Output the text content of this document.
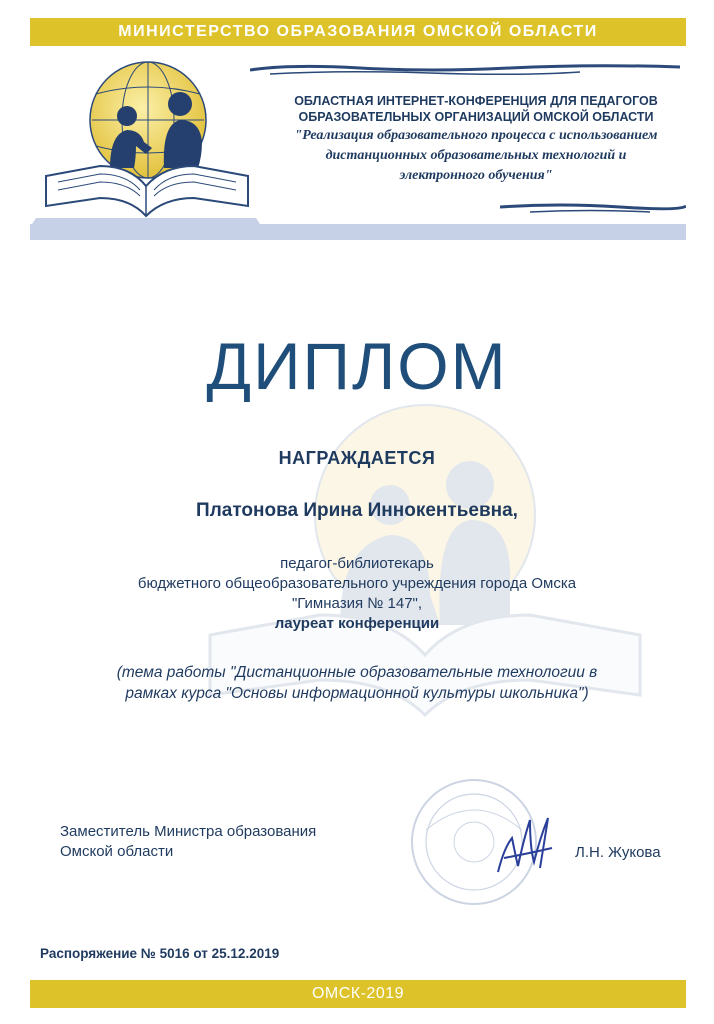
МИНИСТЕРСТВО ОБРАЗОВАНИЯ ОМСКОЙ ОБЛАСТИ
ОБЛАСТНАЯ ИНТЕРНЕТ-КОНФЕРЕНЦИЯ ДЛЯ ПЕДАГОГОВ
ОБРАЗОВАТЕЛЬНЫХ ОРГАНИЗАЦИЙ ОМСКОЙ ОБЛАСТИ
"Реализация образовательного процесса с использованием
дистанционных образовательных технологий и
электронного обучения"
ДИПЛОМ
НАГРАЖДАЕТСЯ
Платонова Ирина Иннокентьевна,
педагог-библиотекарь
бюджетного общеобразовательного учреждения города Омска
"Гимназия № 147",
лауреат конференции
(тема работы "Дистанционные образовательные технологии в
рамках курса "Основы информационной культуры школьника")
Заместитель Министра образования
Омской области	Л.Н. Жукова
Распоряжение № 5016 от 25.12.2019
ОМСК-2019
